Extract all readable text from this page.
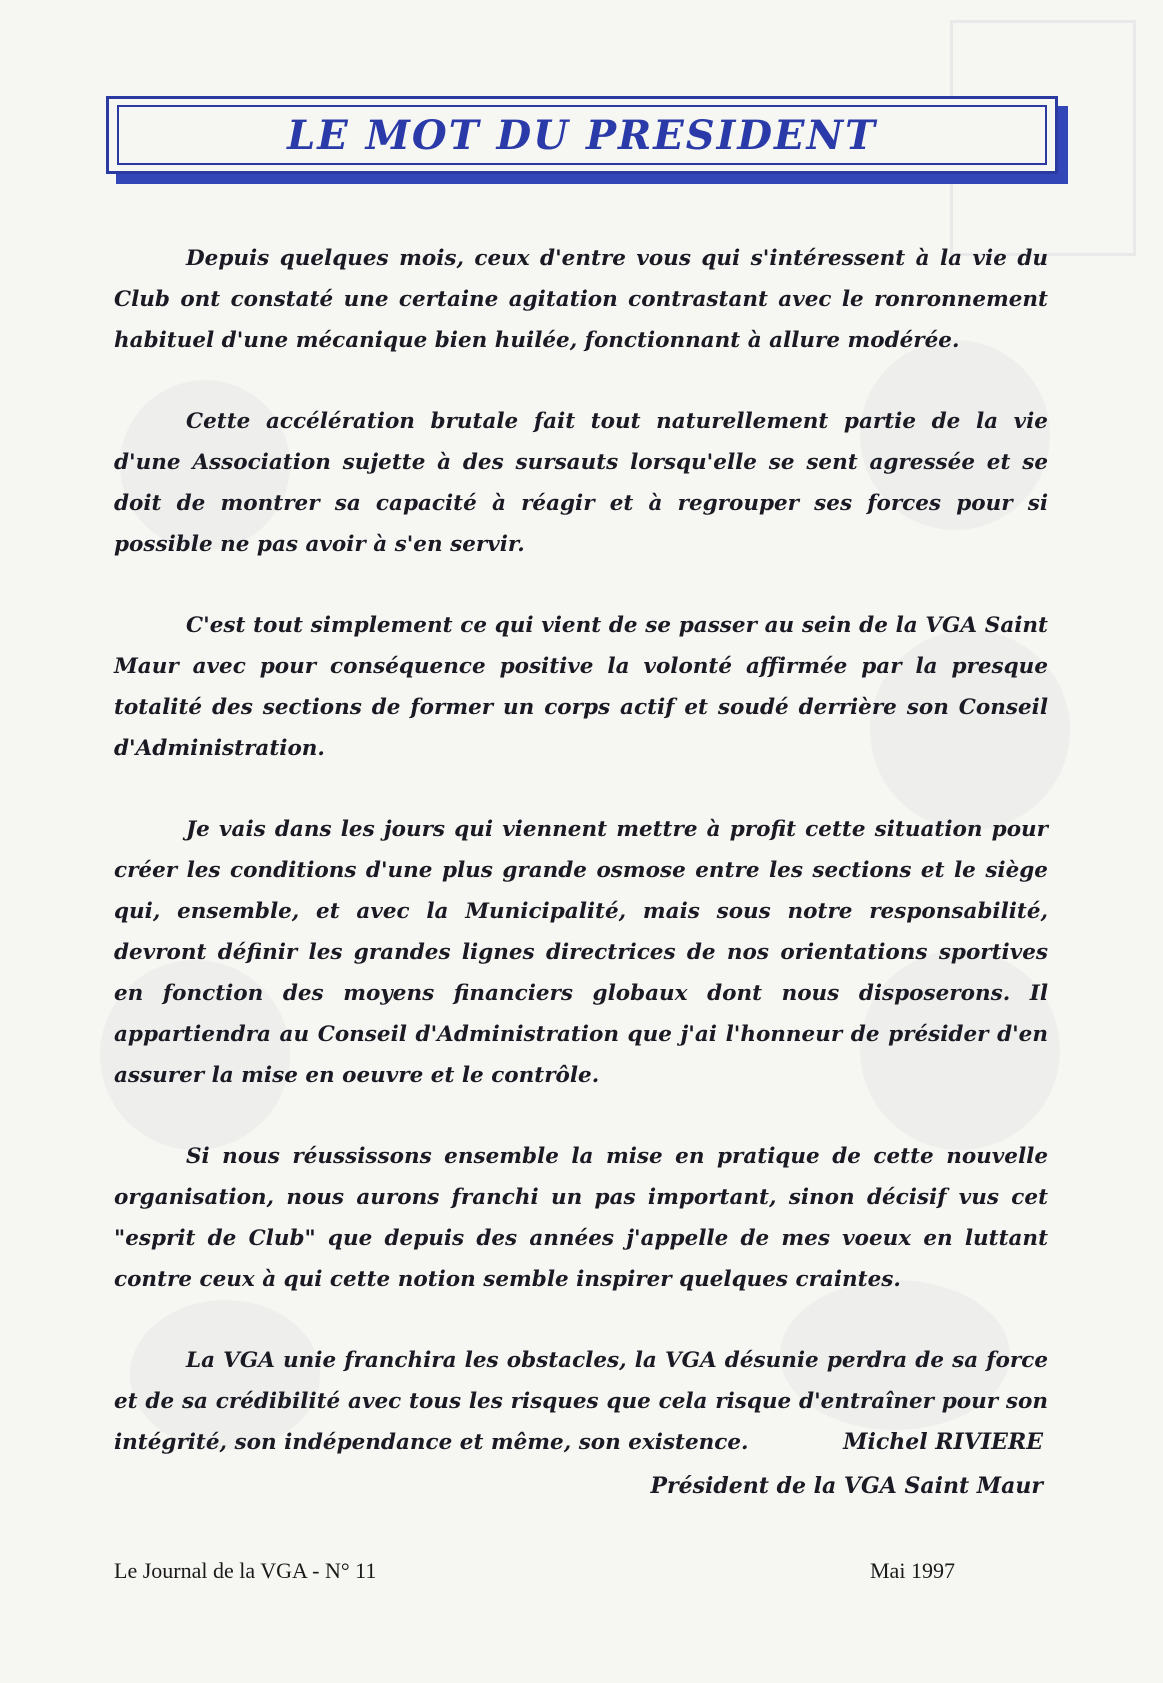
LE MOT DU PRESIDENT

Depuis quelques mois, ceux d'entre vous qui s'intéressent à la vie du Club ont constaté une certaine agitation contrastant avec le ronronnement habituel d'une mécanique bien huilée, fonctionnant à allure modérée.

Cette accélération brutale fait tout naturellement partie de la vie d'une Association sujette à des sursauts lorsqu'elle se sent agressée et se doit de montrer sa capacité à réagir et à regrouper ses forces pour si possible ne pas avoir à s'en servir.

C'est tout simplement ce qui vient de se passer au sein de la VGA Saint Maur avec pour conséquence positive la volonté affirmée par la presque totalité des sections de former un corps actif et soudé derrière son Conseil d'Administration.

Je vais dans les jours qui viennent mettre à profit cette situation pour créer les conditions d'une plus grande osmose entre les sections et le siège qui, ensemble, et avec la Municipalité, mais sous notre responsabilité, devront définir les grandes lignes directrices de nos orientations sportives en fonction des moyens financiers globaux dont nous disposerons. Il appartiendra au Conseil d'Administration que j'ai l'honneur de présider d'en assurer la mise en oeuvre et le contrôle.

Si nous réussissons ensemble la mise en pratique de cette nouvelle organisation, nous aurons franchi un pas important, sinon décisif vus cet "esprit de Club" que depuis des années j'appelle de mes voeux en luttant contre ceux à qui cette notion semble inspirer quelques craintes.

La VGA unie franchira les obstacles, la VGA désunie perdra de sa force et de sa crédibilité avec tous les risques que cela risque d'entraîner pour son intégrité, son indépendance et même, son existence.	Michel RIVIERE
Président de la VGA Saint Maur
Le Journal de la VGA - N° 11	Mai 1997
